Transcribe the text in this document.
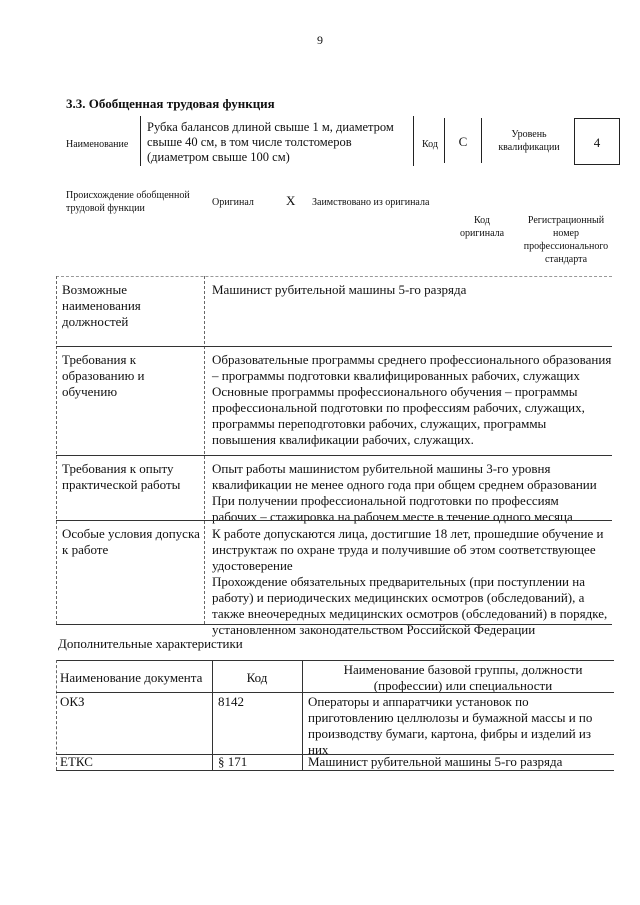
9
3.3. Обобщенная трудовая функция
Наименование
Рубка балансов длиной свыше 1 м, диаметром свыше 40 см, в том числе толстомеров (диаметром свыше 100 см)
Код	C	Уровень квалификации	4
Происхождение обобщенной трудовой функции
Оригинал X Заимствовано из оригинала
Код оригинала
Регистрационный номер профессионального стандарта
Возможные наименования должностей
Машинист рубительной машины 5-го разряда
Требования к образованию и обучению
Образовательные программы среднего профессионального образования
– программы подготовки квалифицированных рабочих, служащих
Основные программы профессионального обучения – программы
профессиональной подготовки по профессиям рабочих, служащих,
программы переподготовки рабочих, служащих, программы
повышения квалификации рабочих, служащих.
Требования к опыту практической работы
Опыт работы машинистом рубительной машины 3-го уровня
квалификации не менее одного года при общем среднем образовании
При получении профессиональной подготовки по профессиям
рабочих – стажировка на рабочем месте в течение одного месяца
Особые условия допуска к работе
К работе допускаются лица, достигшие 18 лет, прошедшие обучение и
инструктаж по охране труда и получившие об этом соответствующее
удостоверение
Прохождение обязательных предварительных (при поступлении на
работу) и периодических медицинских осмотров (обследований), а
также внеочередных медицинских осмотров (обследований) в порядке,
установленном законодательством Российской Федерации
Дополнительные характеристики
Наименование документа	Код
Наименование базовой группы, должности (профессии) или специальности
ОКЗ	8142	Операторы и аппаратчики установок по
приготовлению целлюлозы и бумажной массы и по
производству бумаги, картона, фибры и изделий из
них
ЕТКС	§ 171	Машинист рубительной машины 5-го разряда
